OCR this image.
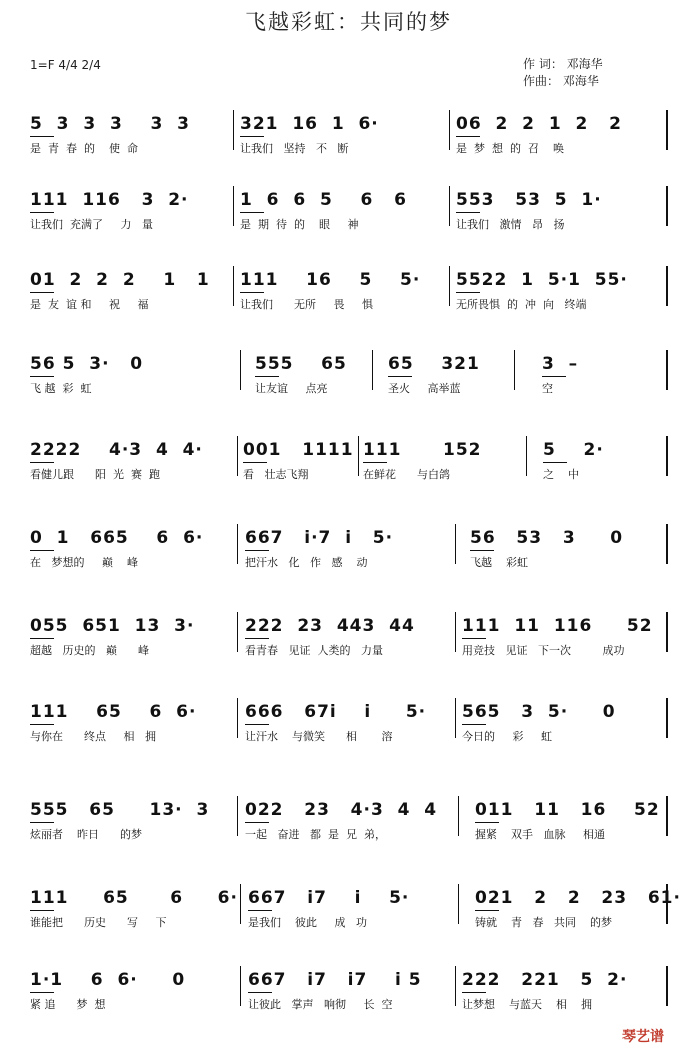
飞越彩虹：共同的梦
1=F 4/4 2/4	作 词： 邓海华
作曲： 邓海华
5  3  3  3    3  3
是  青  春  的    使  命
321  16  1  6·
让我们   坚持   不   断
06  2  2  1  2   2
是  梦  想  的  召    唤
111  116   3  2·
让我们  充满了     力   量
1  6  6  5    6   6
是  期  待  的    眼     神
553   53  5  1·
让我们   激情   昂   扬
01  2  2  2    1   1
是  友  谊 和     祝     福
111    16    5    5·
让我们      无所     畏     惧
5522  1  5·1  55·
无所畏惧  的  冲  向   终端
56 5  3·   0
飞 越  彩  虹
555    65
让友谊     点亮
65    321
圣火     高举蓝
3  –
空
2222    4·3  4  4·
看健儿跟      阳  光  赛  跑
001   1111
看   壮志飞翔
111      152
在鲜花      与白鸽
5    2·
之    中
0  1   665    6  6·
在   梦想的     巅    峰
667   i·7  i   5·
把汗水   化   作   感    动
56   53   3     0
飞越    彩虹
055  651  13  3·
超越   历史的   巅      峰
222  23  443  44
看青春   见证  人类的   力量
111  11  116     52
用竞技   见证   下一次         成功
111    65    6  6·
与你在      终点     相   拥
666   67i    i     5·
让汗水    与微笑      相       溶
565   3  5·     0
今日的     彩     虹
555   65     13·  3
炫丽者    昨日      的梦
022   23   4·3  4  4
一起   奋进   都  是  兄  弟，
011   11   16    52
握紧    双手   血脉     相通
111     65      6     6·
谁能把      历史      写     下
667   i7    i    5·
是我们    彼此     成   功
021   2   2   23   61·
铸就    青   春   共同    的梦
1·1    6  6·     0
紧 追      梦  想
667   i7   i7    i 5
让彼此   掌声   响彻     长  空
222   221   5  2·
让梦想    与蓝天    相    拥
琴艺谱
